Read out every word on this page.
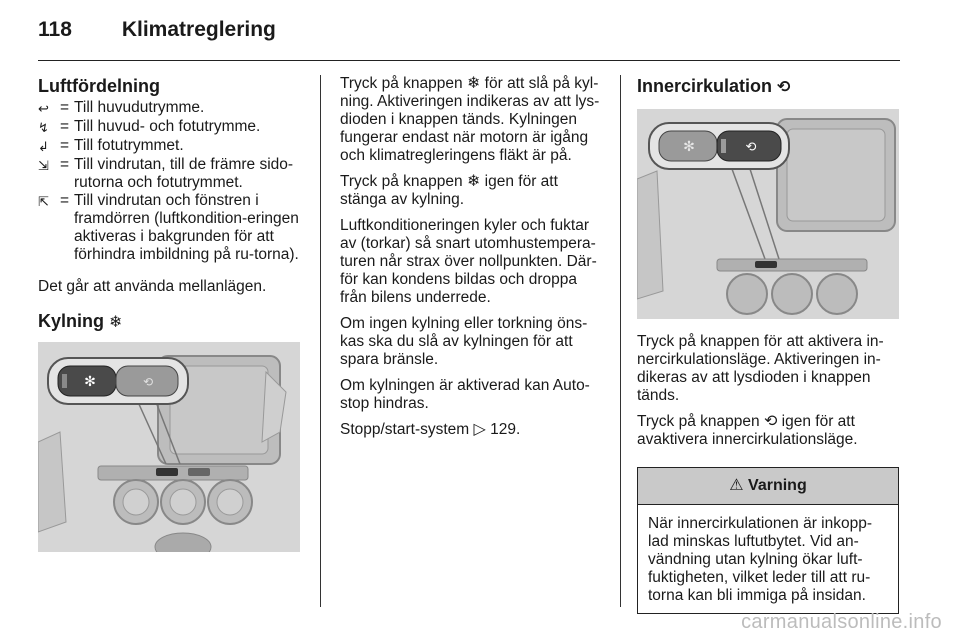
118 Klimatreglering
Luftfördelning
↩ = Till huvudutrymme.
↯ = Till huvud- och fotutrymme.
↲ = Till fotutrymmet.
⇲ = Till vindrutan, till de främre sido-rutorna och fotutrymmet.
⇱ = Till vindrutan och fönstren i framdörren (luftkondition-eringen aktiveras i bakgrunden för att förhindra imbildning på ru-torna).

Det går att använda mellanlägen.

Kylning ❄
✻	⟲

Tryck på knappen ❄ för att slå på kyl-ning. Aktiveringen indikeras av att lys-dioden i knappen tänds. Kylningen fungerar endast när motorn är igång och klimatregleringens fläkt är på.

Tryck på knappen ❄ igen för att stänga av kylning.

Luftkonditioneringen kyler och fuktar av (torkar) så snart utomhustempera-turen når strax över nollpunkten. Där-för kan kondens bildas och droppa från bilens underrede.

Om ingen kylning eller torkning öns-kas ska du slå av kylningen för att spara bränsle.

Om kylningen är aktiverad kan Auto-stop hindras.

Stopp/start-system ▷ 129.

Innercirkulation ⟲
✻	⟲

Tryck på knappen för att aktivera in-nercirkulationsläge. Aktiveringen in-dikeras av att lysdioden i knappen tänds.

Tryck på knappen ⟲ igen för att avaktivera innercirkulationsläge.

⚠ Varning
När innercirkulationen är inkopp-lad minskas luftutbytet. Vid an-vändning utan kylning ökar luft-fuktigheten, vilket leder till att ru-torna kan bli immiga på insidan.
carmanualsonline.info
